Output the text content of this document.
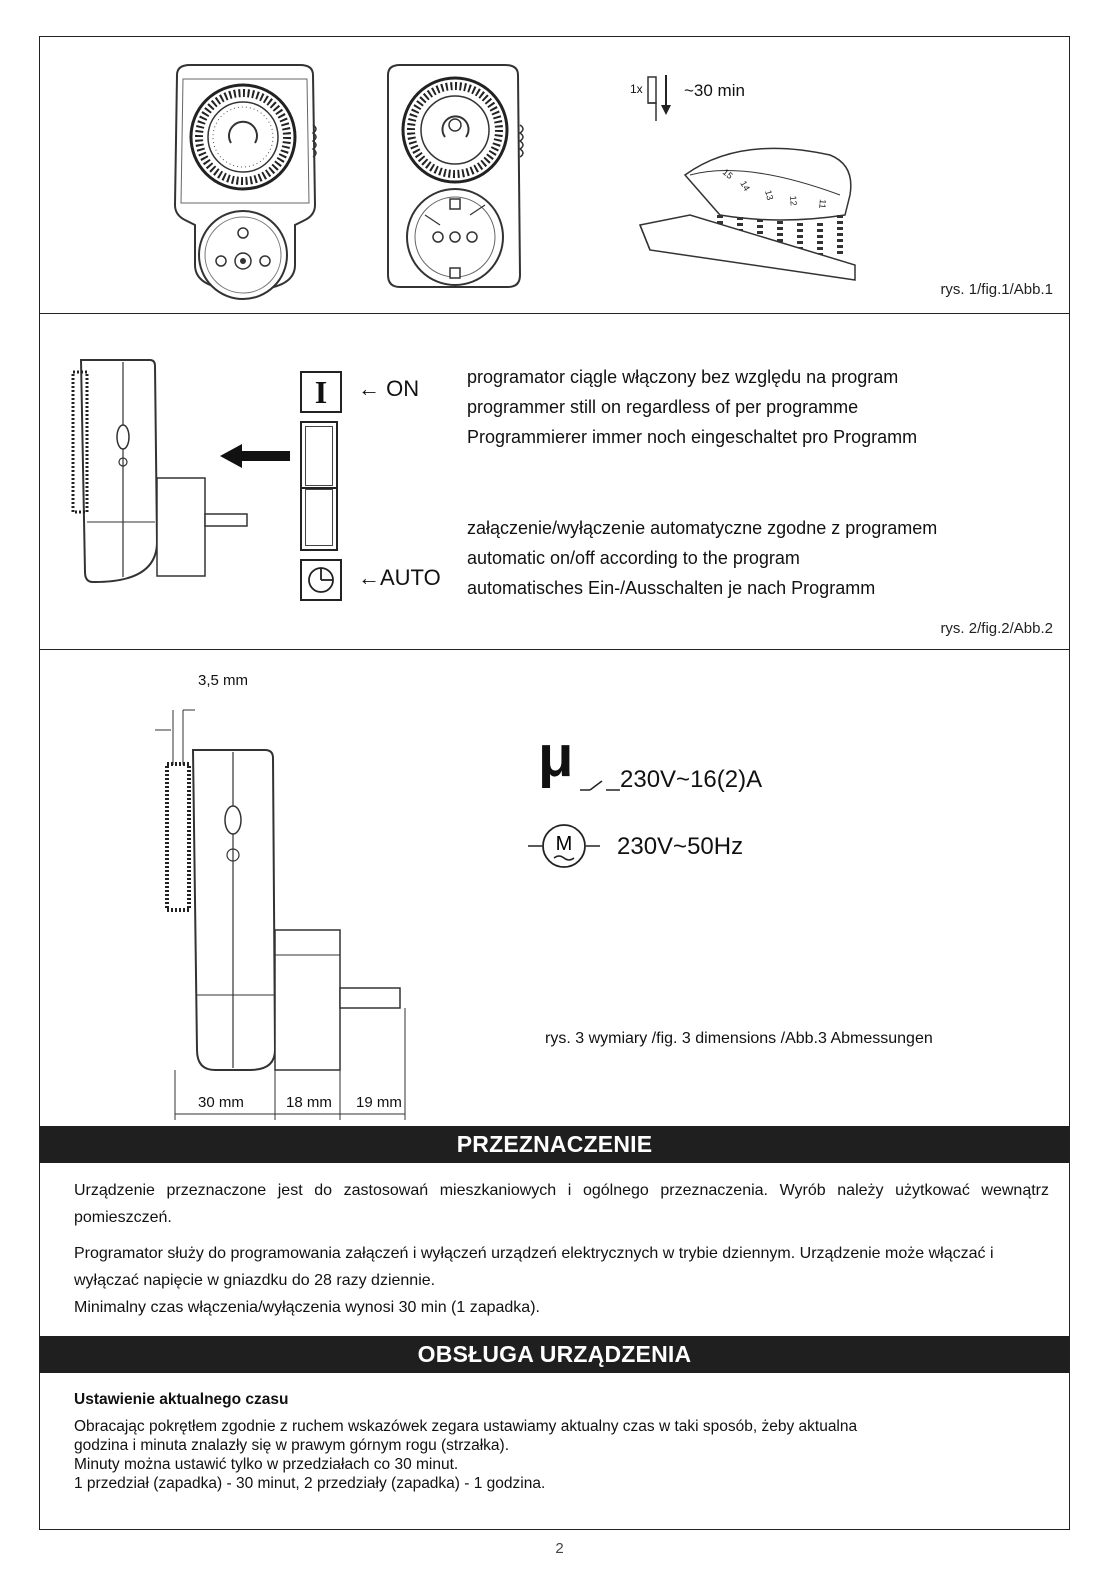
15
14
13 12 11
1x ~30 min
rys. 1/fig.1/Abb.1
I	← ON
←AUTO
programator ciągle włączony bez względu na program
programmer still on regardless of per programme
Programmierer immer noch eingeschaltet pro Programm
załączenie/wyłączenie automatyczne zgodne z programem
automatic on/off according to the program
automatisches Ein-/Ausschalten je nach Programm
rys. 2/fig.2/Abb.2
3,5 mm
30 mm	18 mm 19 mm
μ 230V~16(2)A
M 230V~50Hz
rys. 3 wymiary /fig. 3 dimensions /Abb.3 Abmessungen
PRZEZNACZENIE
Urządzenie przeznaczone jest do zastosowań mieszkaniowych i ogólnego przeznaczenia. Wyrób należy użytkować wewnątrz pomieszczeń.
Programator służy do programowania załączeń i wyłączeń urządzeń elektrycznych w trybie dziennym. Urządzenie może włączać i wyłączać napięcie w gniazdku do 28 razy dziennie.
Minimalny czas włączenia/wyłączenia wynosi 30 min (1 zapadka).
OBSŁUGA URZĄDZENIA
Ustawienie aktualnego czasu
Obracając pokrętłem zgodnie z ruchem wskazówek zegara ustawiamy aktualny czas w taki sposób, żeby aktualna
godzina i minuta znalazły się w prawym górnym rogu (strzałka).
Minuty można ustawić tylko w przedziałach co 30 minut.
1 przedział (zapadka) - 30 minut, 2 przedziały (zapadka) - 1 godzina.
2
